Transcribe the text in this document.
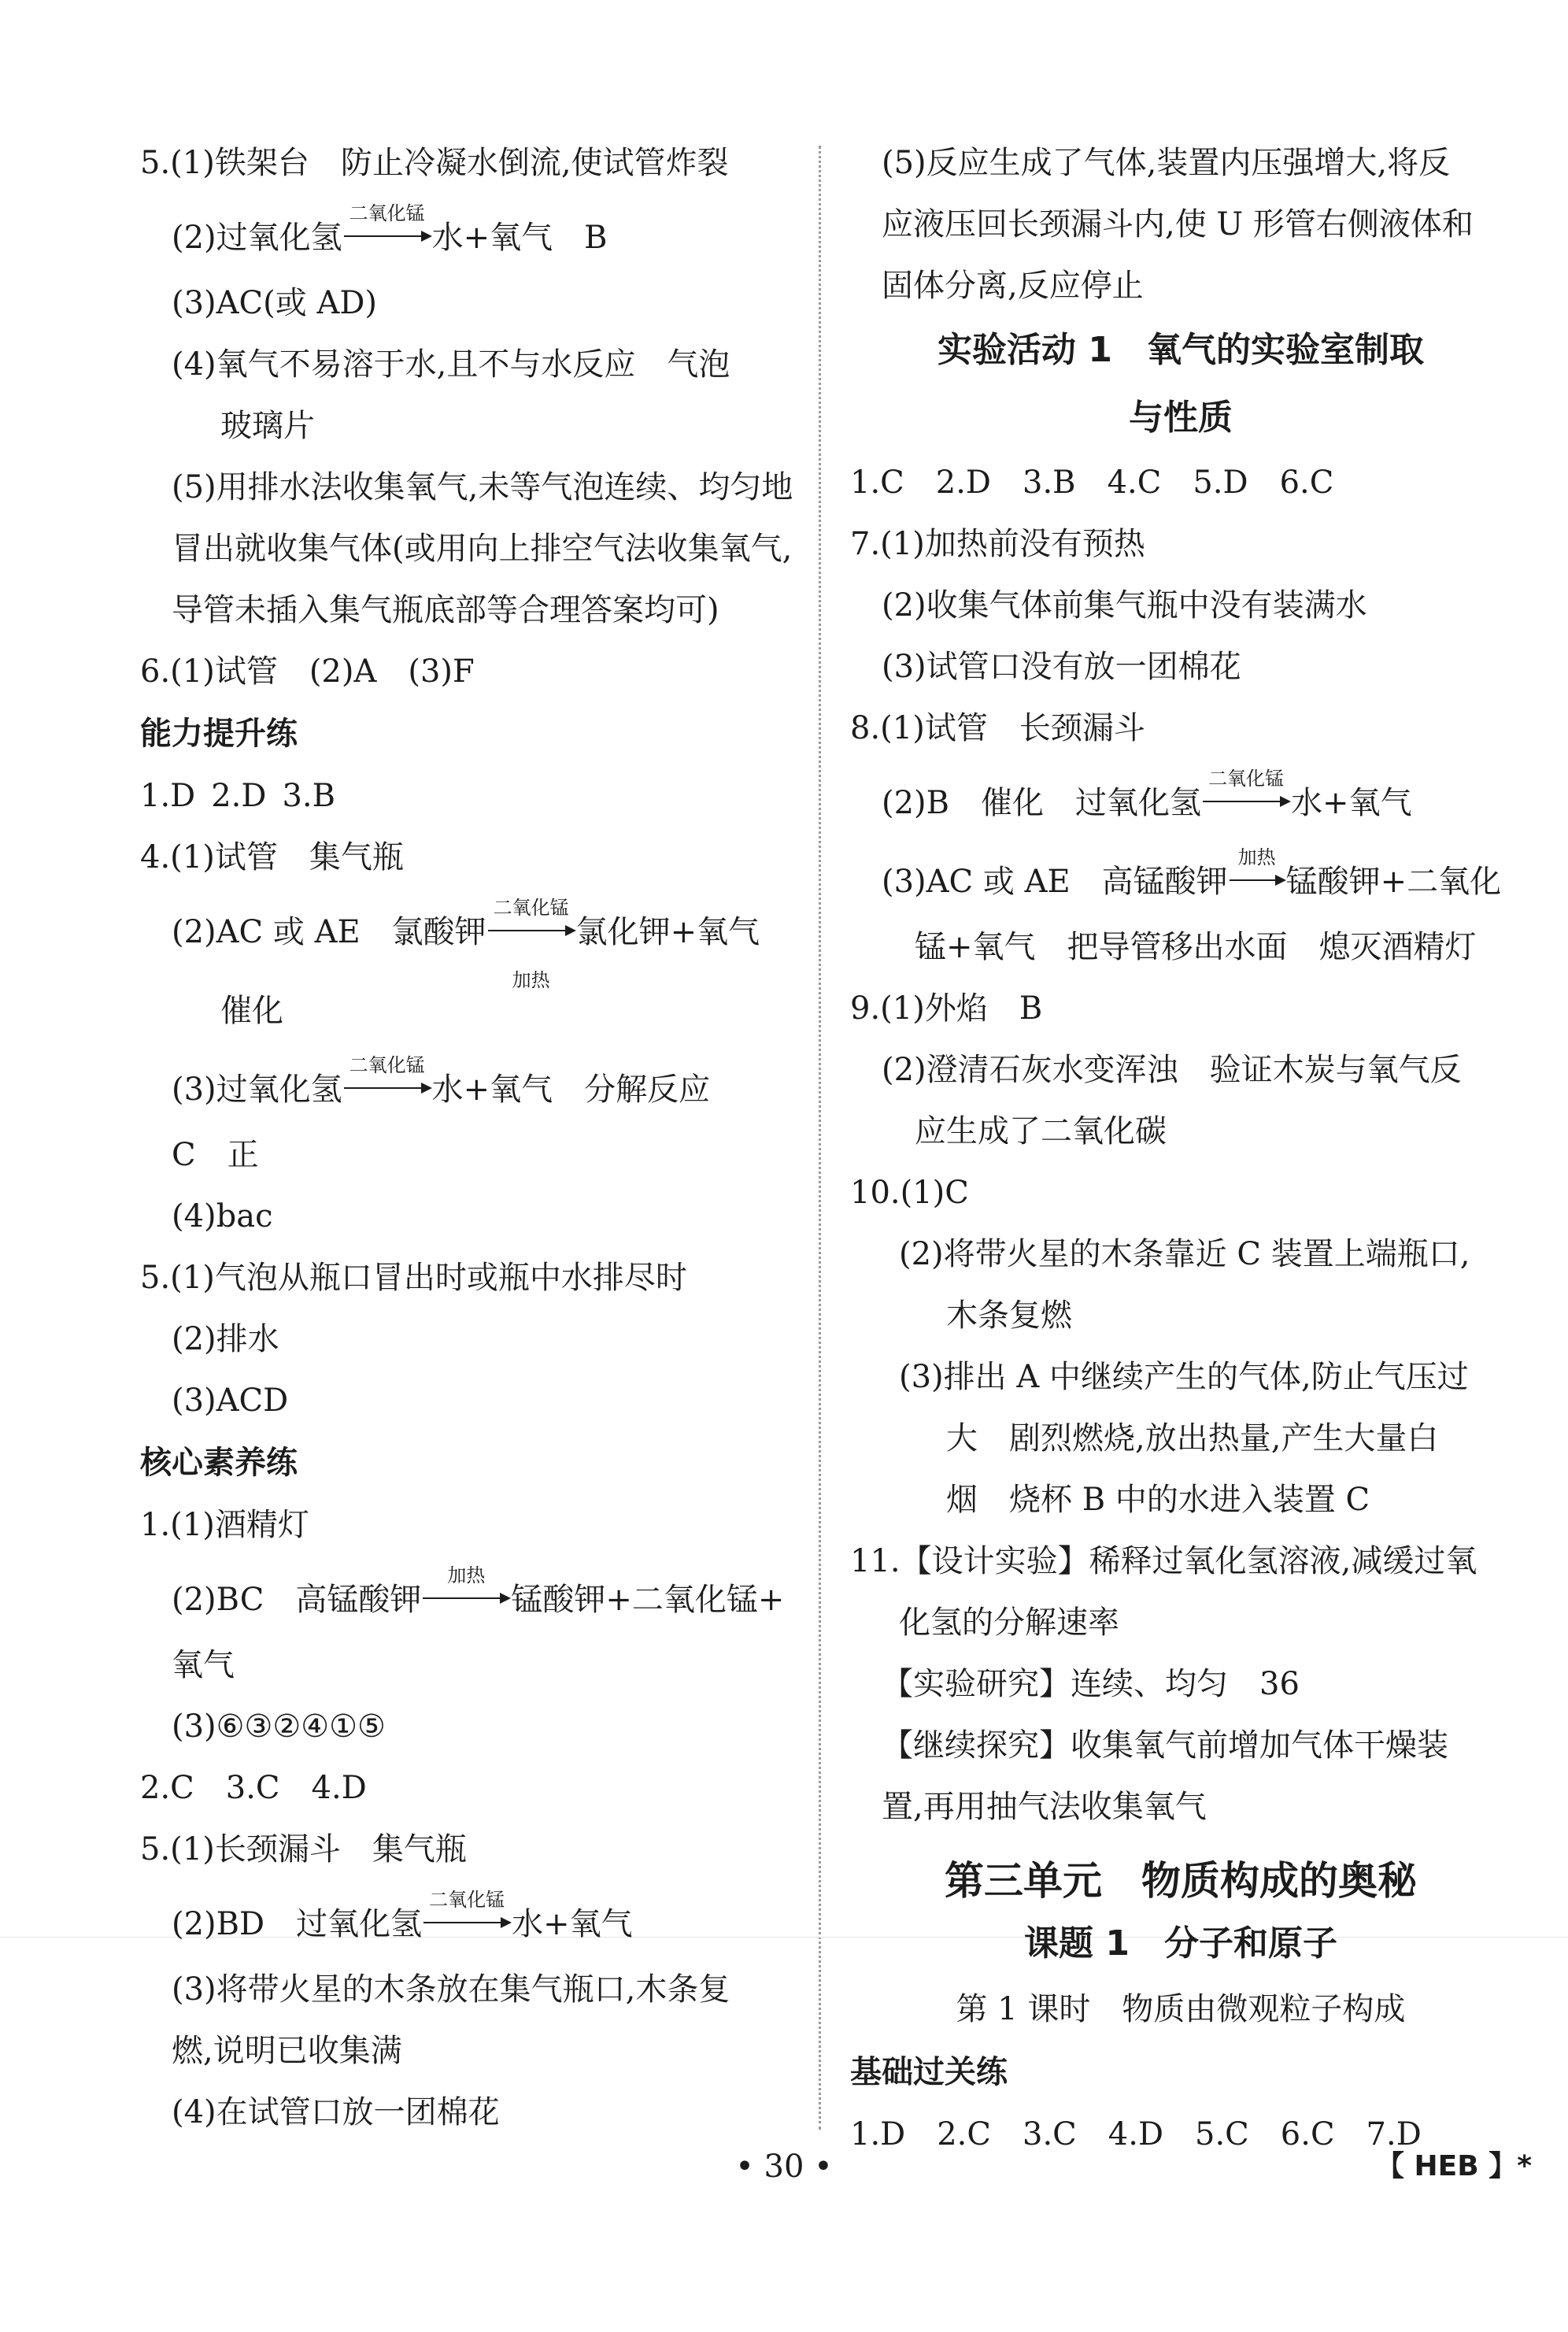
5.(1)铁架台　防止冷凝水倒流,使试管炸裂
(2)过氧化氢
二氧化锰
水+氧气　B
(3)AC(或 AD)
(4)氧气不易溶于水,且不与水反应　气泡
玻璃片
(5)用排水法收集氧气,未等气泡连续、均匀地
冒出就收集气体(或用向上排空气法收集氧气,
导管未插入集气瓶底部等合理答案均可)
6.(1)试管　(2)A　(3)F
能力提升练
1.D 2.D 3.B
4.(1)试管　集气瓶
(2)AC 或 AE　氯酸钾
二氧化锰
加热
氯化钾+氧气
催化
(3)过氧化氢
二氧化锰
水+氧气　分解反应
C　正
(4)bac
5.(1)气泡从瓶口冒出时或瓶中水排尽时
(2)排水
(3)ACD
核心素养练
1.(1)酒精灯
(2)BC　高锰酸钾
加热
锰酸钾+二氧化锰+
氧气
(3)⑥③②④①⑤
2.C 3.C 4.D
5.(1)长颈漏斗　集气瓶
(2)BD　过氧化氢
二氧化锰
水+氧气
(3)将带火星的木条放在集气瓶口,木条复
燃,说明已收集满
(4)在试管口放一团棉花
(5)反应生成了气体,装置内压强增大,将反
应液压回长颈漏斗内,使 U 形管右侧液体和
固体分离,反应停止
实验活动 1　氧气的实验室制取
与性质
1.C 2.D 3.B 4.C 5.D 6.C
7.(1)加热前没有预热
(2)收集气体前集气瓶中没有装满水
(3)试管口没有放一团棉花
8.(1)试管　长颈漏斗
(2)B　催化　过氧化氢
二氧化锰
水+氧气
(3)AC 或 AE　高锰酸钾
加热
锰酸钾+二氧化
锰+氧气　把导管移出水面　熄灭酒精灯
9.(1)外焰　B
(2)澄清石灰水变浑浊　验证木炭与氧气反
应生成了二氧化碳
10.(1)C
(2)将带火星的木条靠近 C 装置上端瓶口,
木条复燃
(3)排出 A 中继续产生的气体,防止气压过
大　剧烈燃烧,放出热量,产生大量白
烟　烧杯 B 中的水进入装置 C
11.【设计实验】稀释过氧化氢溶液,减缓过氧
化氢的分解速率
【实验研究】连续、均匀　36
【继续探究】收集氧气前增加气体干燥装
置,再用抽气法收集氧气
第三单元　物质构成的奥秘
课题 1　分子和原子
第 1 课时　物质由微观粒子构成
基础过关练
1.D 2.C 3.C 4.D 5.C 6.C 7.D
• 30 •	【 HEB 】*
